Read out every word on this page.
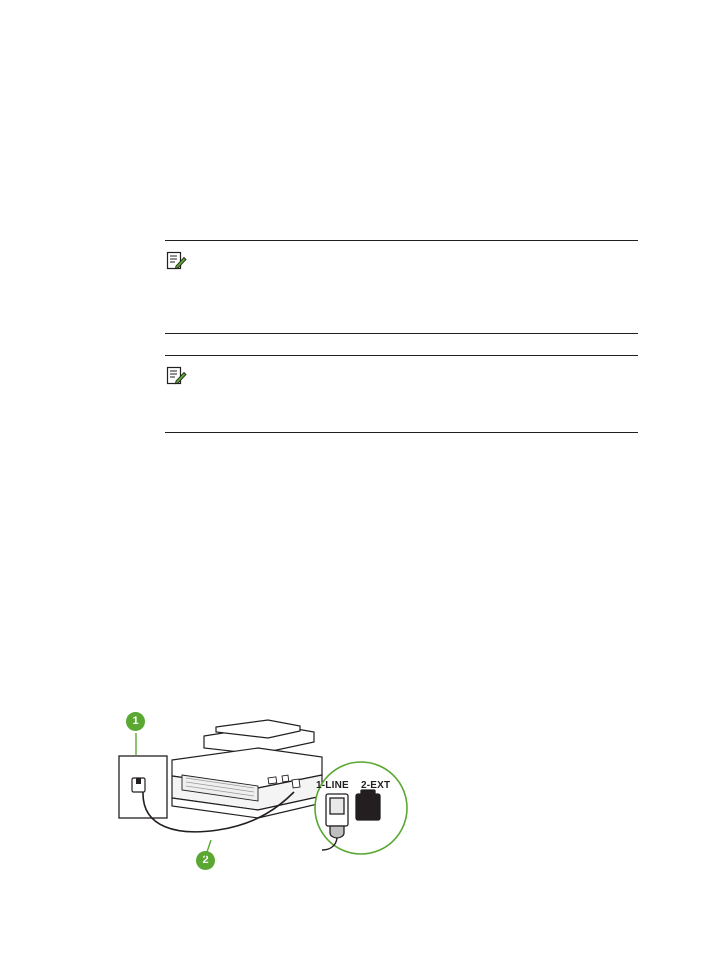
1
2
1-LINE 2-EXT
